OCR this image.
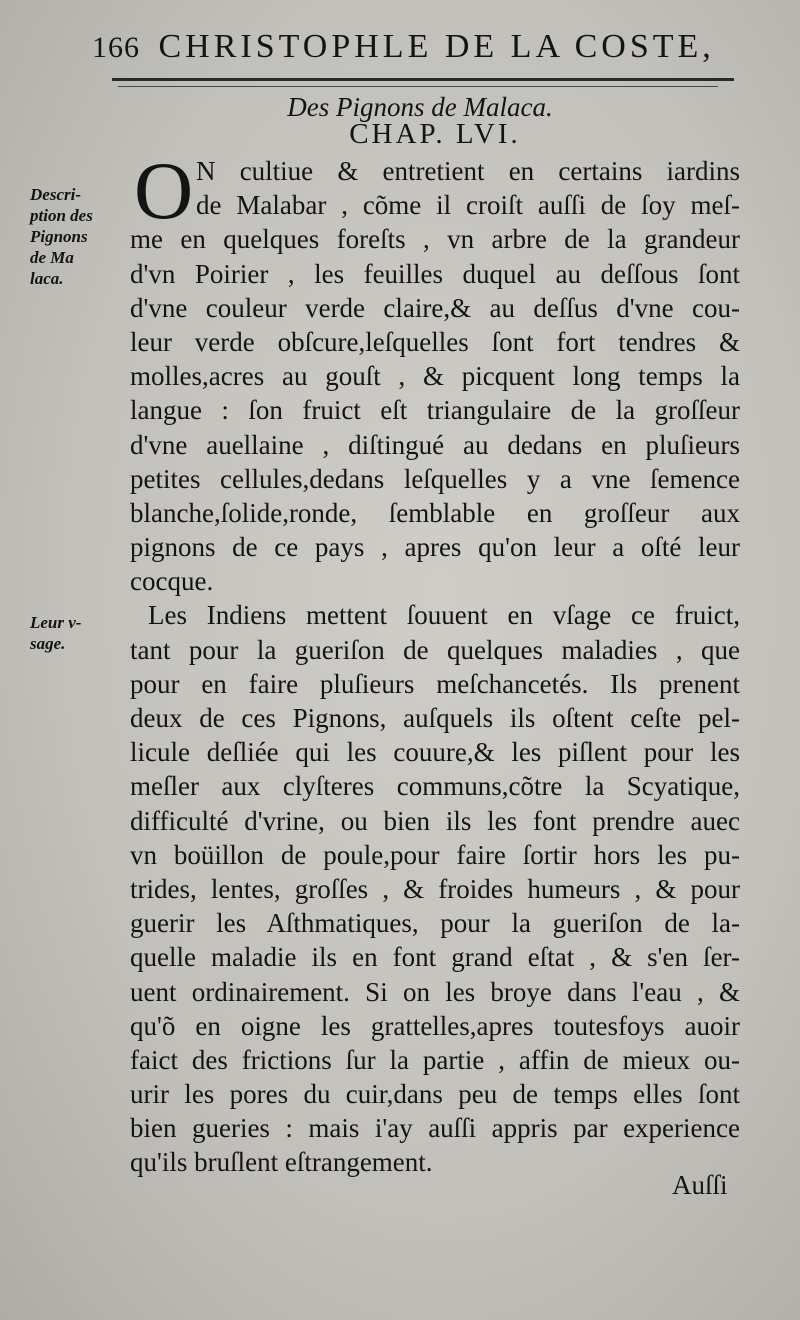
166 CHRISTOPHLE DE LA COSTE,
Des Pignons de Malaca.
CHAP. LVI.
Descri-
ption des
Pignons
de Ma
laca.
Leur v-
sage.
O N cultiue & entretient en certains iardins
de Malabar , cõme il croiſt auſſi de ſoy meſ-
me en quelques foreſts , vn arbre de la grandeur
d'vn Poirier , les feuilles duquel au deſſous ſont
d'vne couleur verde claire,& au deſſus d'vne cou-
leur verde obſcure,leſquelles ſont fort tendres &
molles,acres au gouſt , & picquent long temps la
langue : ſon fruict eſt triangulaire de la groſſeur
d'vne auellaine , diſtingué au dedans en pluſieurs
petites cellules,dedans leſquelles y a vne ſemence
blanche,ſolide,ronde, ſemblable en groſſeur aux
pignons de ce pays , apres qu'on leur a oſté leur
cocque.
Les Indiens mettent ſouuent en vſage ce fruict,
tant pour la gueriſon de quelques maladies , que
pour en faire pluſieurs meſchancetés. Ils prenent
deux de ces Pignons, auſquels ils oſtent ceſte pel-
licule deſliée qui les couure,& les piſlent pour les
meſler aux clyſteres communs,cõtre la Scyatique,
difficulté d'vrine, ou bien ils les font prendre auec
vn boüillon de poule,pour faire ſortir hors les pu-
trides, lentes, groſſes , & froides humeurs , & pour
guerir les Aſthmatiques, pour la gueriſon de la-
quelle maladie ils en font grand eſtat , & s'en ſer-
uent ordinairement. Si on les broye dans l'eau , &
qu'õ en oigne les grattelles,apres toutesfoys auoir
faict des frictions ſur la partie , affin de mieux ou-
urir les pores du cuir,dans peu de temps elles ſont
bien gueries : mais i'ay auſſi appris par experience
qu'ils bruſlent eſtrangement.
Auſſi
